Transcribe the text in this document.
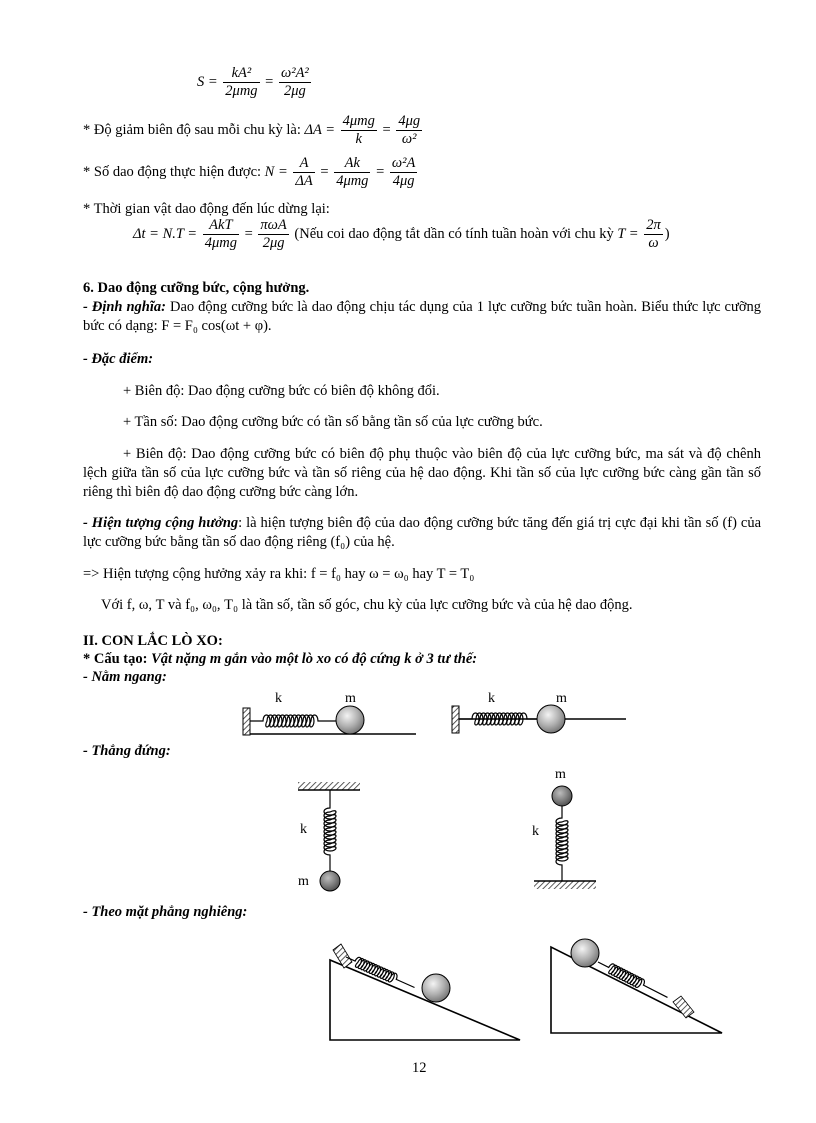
$S = \frac{\text{kA²}}{\text{2μmg}} = \frac{\text{ω²A²}}{2\mu g}$
* Độ giảm biên độ sau mỗi chu kỳ là: $\Delta A = \frac{\text{4μmg}}{k} = \frac{4\mu g}{\text{ω²}}$
* Số dao động thực hiện được: $N = \frac{A}{\Delta A} = \frac{Ak}{\text{4μmg}} = \frac{\text{ω²A}}{4\mu g}$
* Thời gian vật dao động đến lúc dừng lại:
$\Delta t = N.T = \frac{\text{AkT}}{\text{4μmg}} = \frac{\text{πωA}}{2\mu g}$ (Nếu coi dao động tắt dần có tính tuần hoàn với chu kỳ $T = \frac{2\pi}{\omega}$ )
6. Dao động cưỡng bức, cộng hưởng.
- Định nghĩa: Dao động cưỡng bức là dao động chịu tác dụng của 1 lực cưỡng bức tuần hoàn. Biểu thức lực cưỡng bức có dạng: F = F₀ cos(ωt + φ).
- Đặc điểm:
+ Biên độ: Dao động cưỡng bức có biên độ không đổi.
+ Tần số: Dao động cưỡng bức có tần số bằng tần số của lực cưỡng bức.
+ Biên độ: Dao động cưỡng bức có biên độ phụ thuộc vào biên độ của lực cưỡng bức, ma sát và độ chênh lệch giữa tần số của lực cưỡng bức và tần số riêng của hệ dao động. Khi tần số của lực cưỡng bức càng gần tần số riêng thì biên độ dao động cưỡng bức càng lớn.
- Hiện tượng cộng hưởng: là hiện tượng biên độ của dao động cưỡng bức tăng đến giá trị cực đại khi tần số (f) của lực cưỡng bức bằng tần số dao động riêng (f₀) của hệ.
=> Hiện tượng cộng hưởng xảy ra khi: f = f₀ hay ω = ω₀ hay T = T₀
Với f, ω, T và f₀, ω₀, T₀ là tần số, tần số góc, chu kỳ của lực cưỡng bức và của hệ dao động.
II. CON LẮC LÒ XO:
* Cấu tạo: Vật nặng m gắn vào một lò xo có độ cứng k ở 3 tư thế:
- Nằm ngang:
- Thẳng đứng:
- Theo mặt phẳng nghiêng:
k	m	k	m
k
m
m
k
12
